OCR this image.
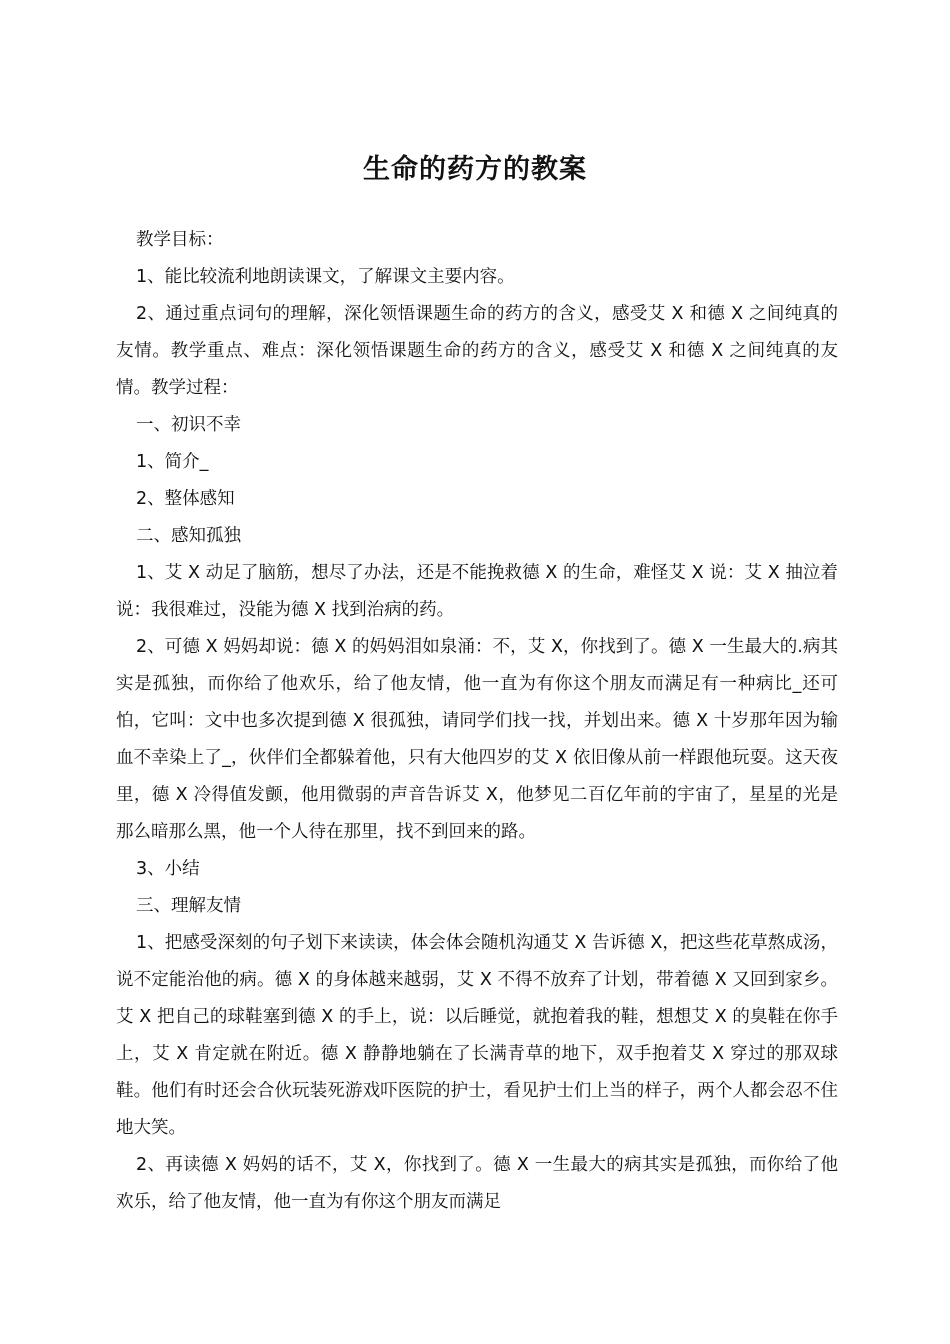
生命的药方的教案

教学目标：

1、能比较流利地朗读课文，了解课文主要内容。

2、通过重点词句的理解，深化领悟课题生命的药方的含义，感受艾 X 和德 X 之间纯真的友情。教学重点、难点：深化领悟课题生命的药方的含义，感受艾 X 和德 X 之间纯真的友情。教学过程：

一、初识不幸

1、简介_

2、整体感知

二、感知孤独

1、艾 X 动足了脑筋，想尽了办法，还是不能挽救德 X 的生命，难怪艾 X 说：艾 X 抽泣着说：我很难过，没能为德 X 找到治病的药。

2、可德 X 妈妈却说：德 X 的妈妈泪如泉涌：不，艾 X，你找到了。德 X 一生最大的.病其实是孤独，而你给了他欢乐，给了他友情，他一直为有你这个朋友而满足有一种病比_还可怕，它叫：文中也多次提到德 X 很孤独，请同学们找一找，并划出来。德 X 十岁那年因为输血不幸染上了_，伙伴们全都躲着他，只有大他四岁的艾 X 依旧像从前一样跟他玩耍。这天夜里，德 X 冷得值发颤，他用微弱的声音告诉艾 X，他梦见二百亿年前的宇宙了，星星的光是那么暗那么黑，他一个人待在那里，找不到回来的路。

3、小结

三、理解友情

1、把感受深刻的句子划下来读读，体会体会随机沟通艾 X 告诉德 X，把这些花草熬成汤，说不定能治他的病。德 X 的身体越来越弱，艾 X 不得不放弃了计划，带着德 X 又回到家乡。艾 X 把自己的球鞋塞到德 X 的手上，说：以后睡觉，就抱着我的鞋，想想艾 X 的臭鞋在你手上，艾 X 肯定就在附近。德 X 静静地躺在了长满青草的地下，双手抱着艾 X 穿过的那双球鞋。他们有时还会合伙玩装死游戏吓医院的护士，看见护士们上当的样子，两个人都会忍不住地大笑。

2、再读德 X 妈妈的话不，艾 X，你找到了。德 X 一生最大的病其实是孤独，而你给了他欢乐，给了他友情，他一直为有你这个朋友而满足
